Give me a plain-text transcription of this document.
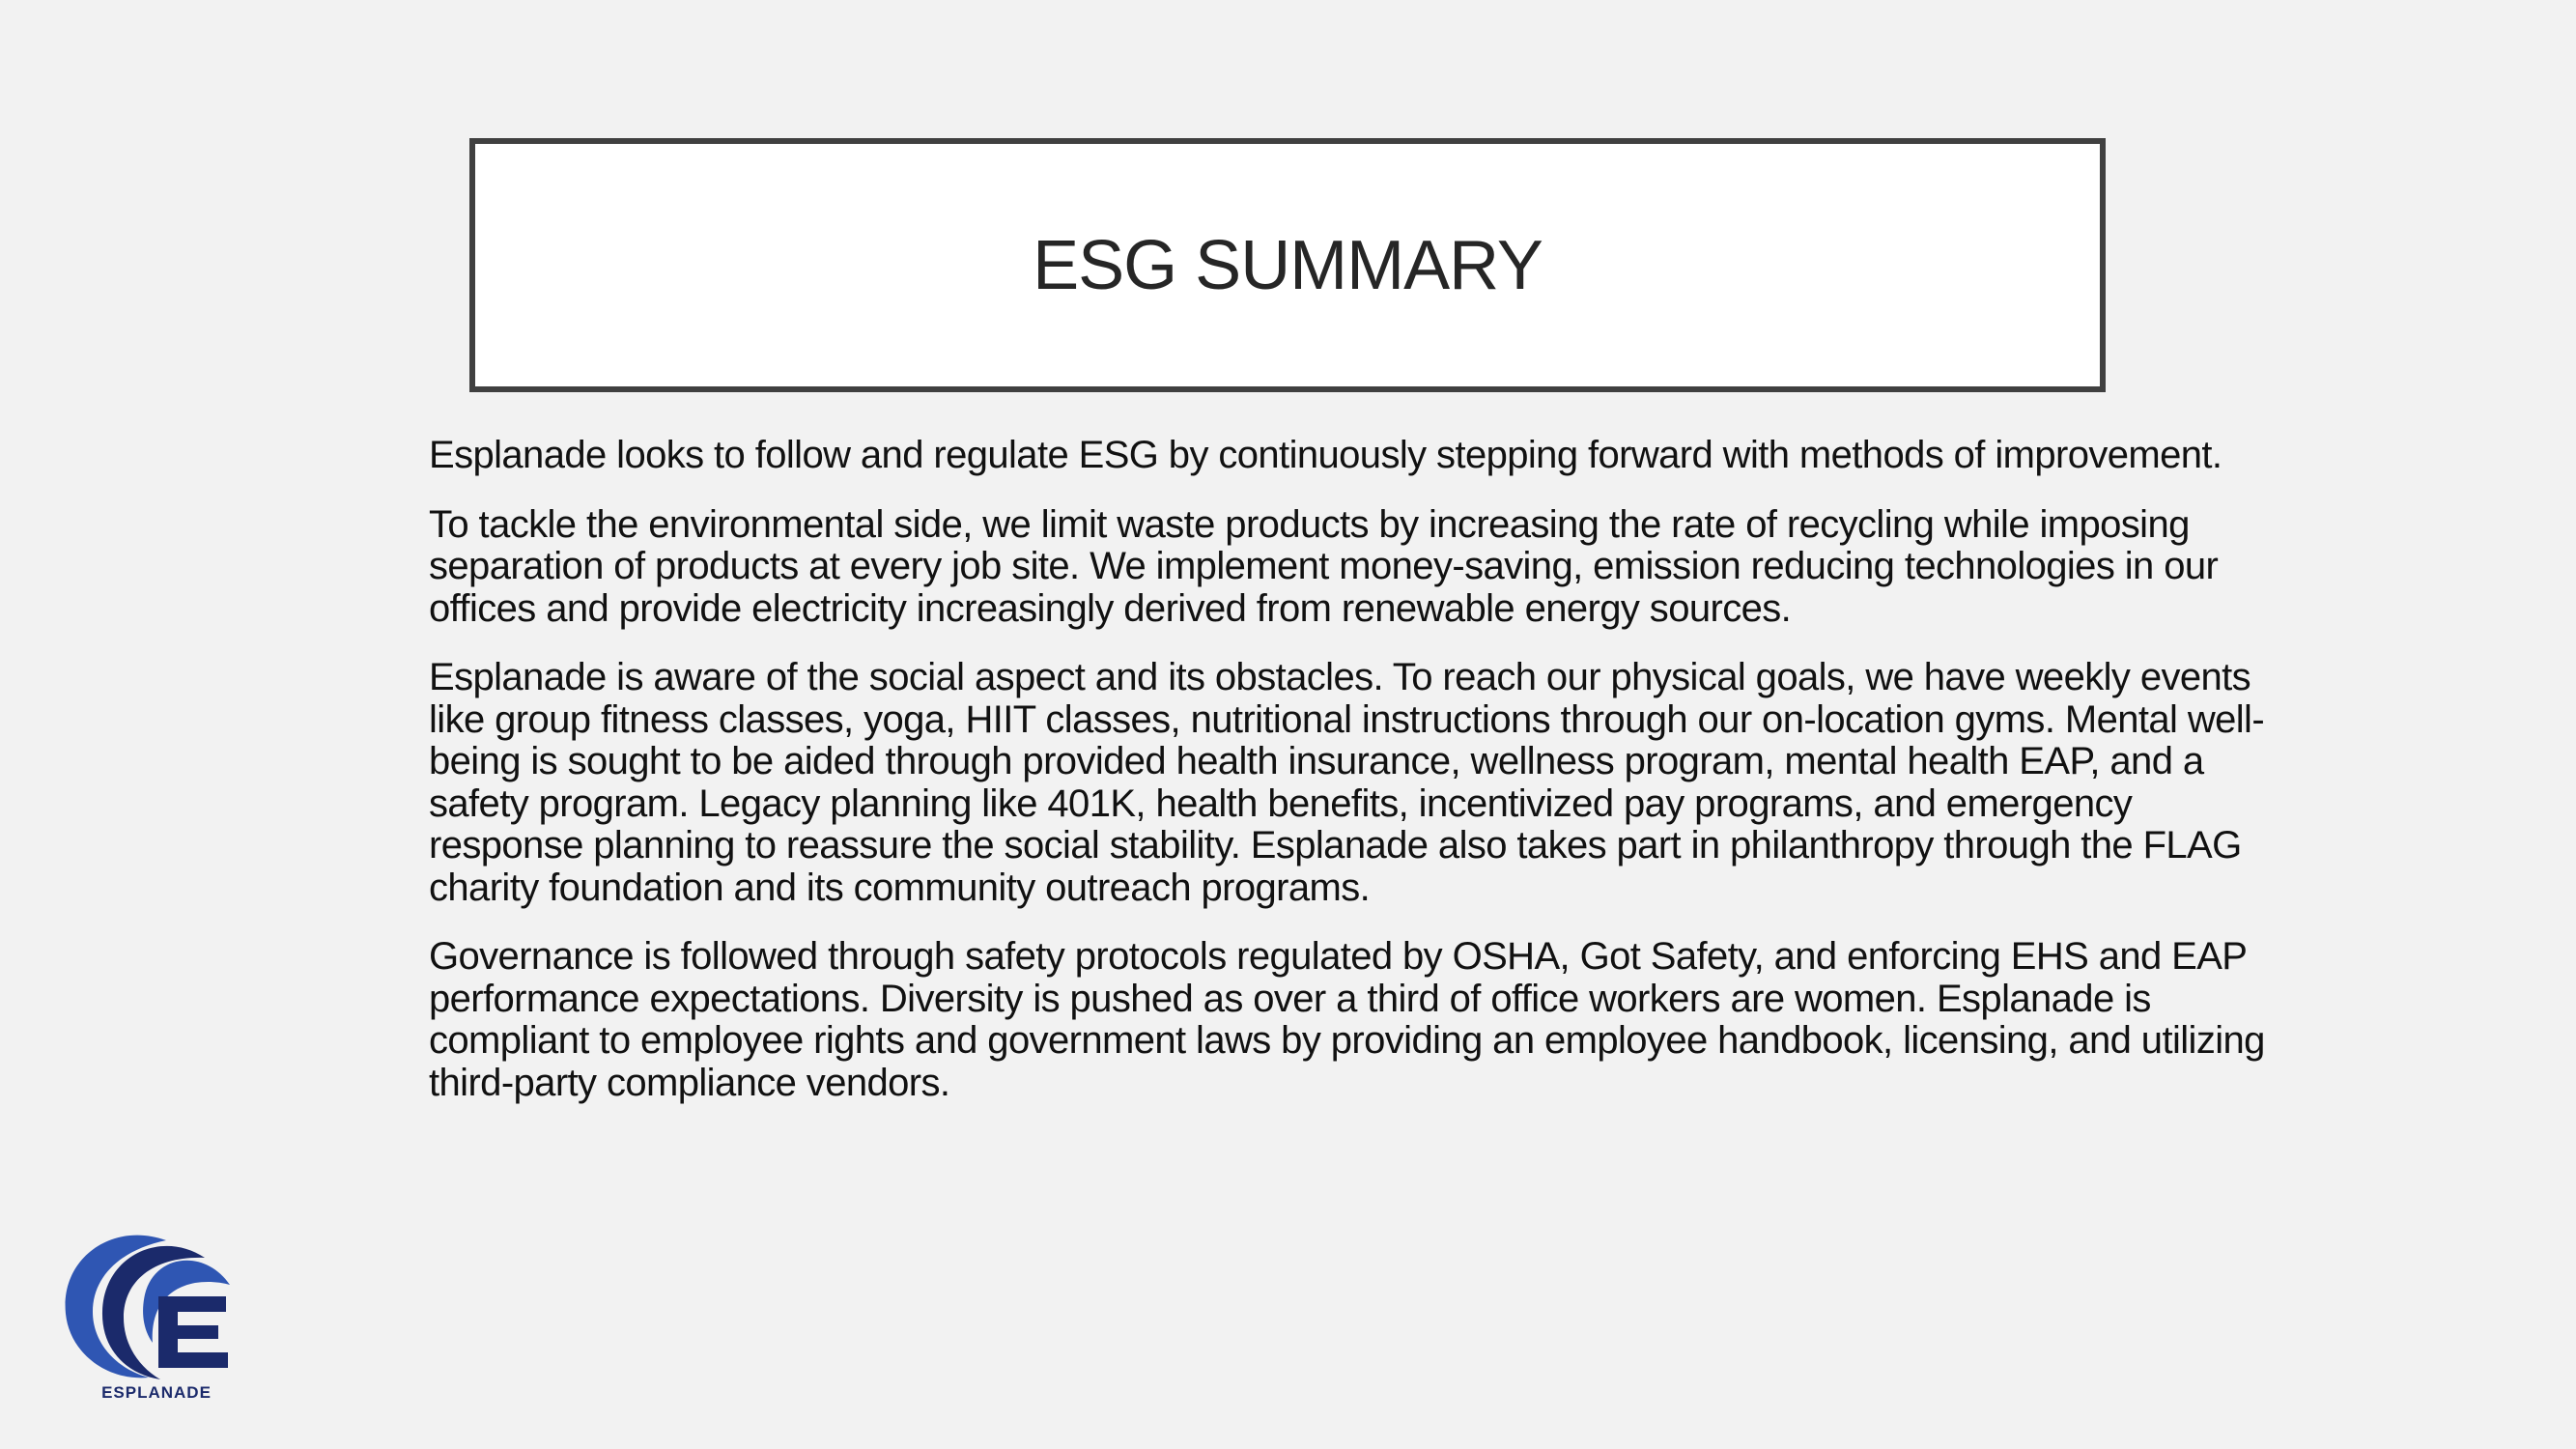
ESG SUMMARY

Esplanade looks to follow and regulate ESG by continuously stepping forward with methods of improvement.

To tackle the environmental side, we limit waste products by increasing the rate of recycling while imposing separation of products at every job site. We implement money-saving, emission reducing technologies in our offices and provide electricity increasingly derived from renewable energy sources.

Esplanade is aware of the social aspect and its obstacles. To reach our physical goals, we have weekly events like group fitness classes, yoga, HIIT classes, nutritional instructions through our on-location gyms. Mental well-being is sought to be aided through provided health insurance, wellness program, mental health EAP, and a safety program. Legacy planning like 401K, health benefits, incentivized pay programs, and emergency response planning to reassure the social stability. Esplanade also takes part in philanthropy through the FLAG charity foundation and its community outreach programs.

Governance is followed through safety protocols regulated by OSHA, Got Safety, and enforcing EHS and EAP performance expectations. Diversity is pushed as over a third of office workers are women. Esplanade is compliant to employee rights and government laws by providing an employee handbook, licensing, and utilizing third-party compliance vendors.

ESPLANADE
